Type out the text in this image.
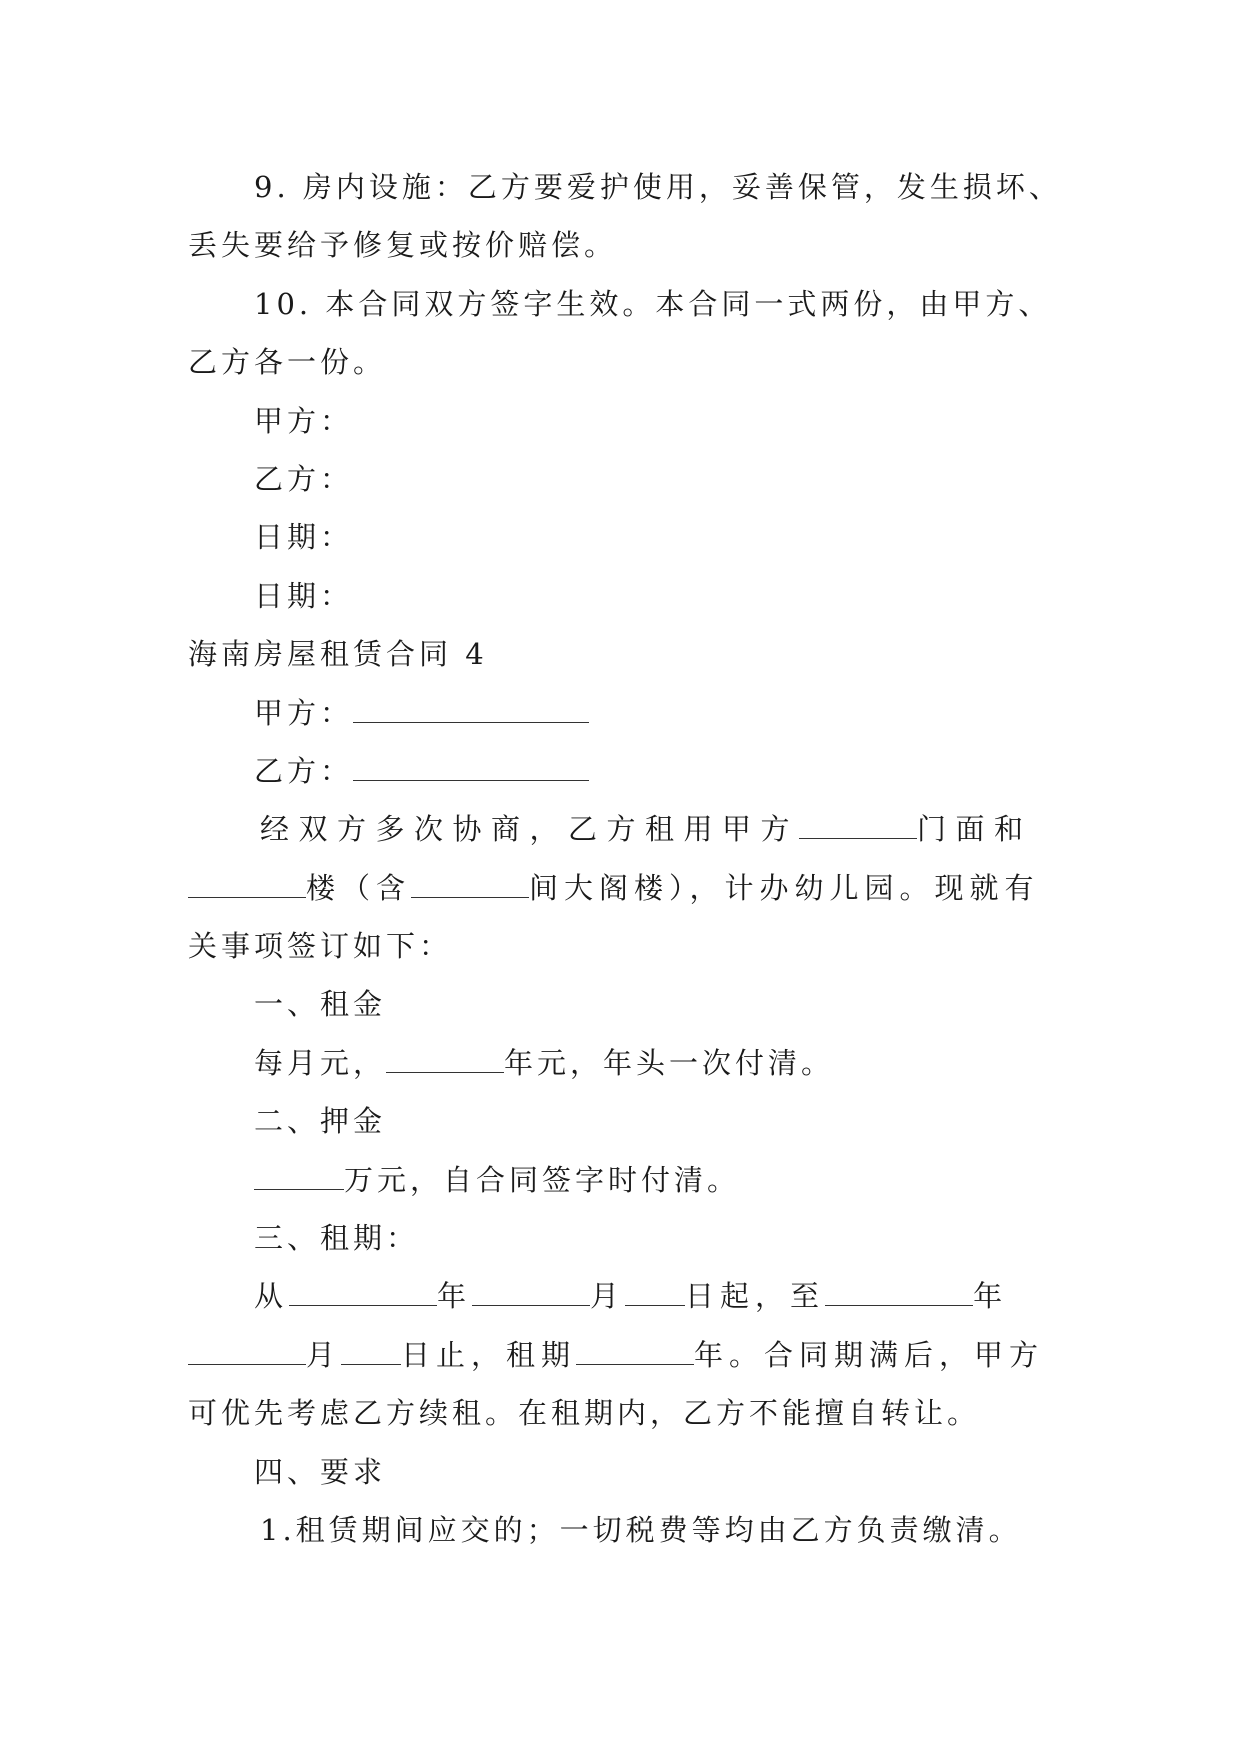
9. 房内设施：乙方要爱护使用，妥善保管，发生损坏、
丢失要给予修复或按价赔偿。
10. 本合同双方签字生效。本合同一式两份，由甲方、
乙方各一份。
甲方：
乙方：
日期：
日期：
海南房屋租赁合同 4
甲方：
乙方：
经双方多次协商，乙方租用甲方	门面和
楼（含	间大阁楼），计办幼儿园。现就有
关事项签订如下：
一、租金
每月元，	年元，年头一次付清。
二、押金
万元，自合同签字时付清。
三、租期：
从	年	月 日起，至	年
月 日止，租期	年。合同期满后，甲方
可优先考虑乙方续租。在租期内，乙方不能擅自转让。
四、要求
1.租赁期间应交的；一切税费等均由乙方负责缴清。
